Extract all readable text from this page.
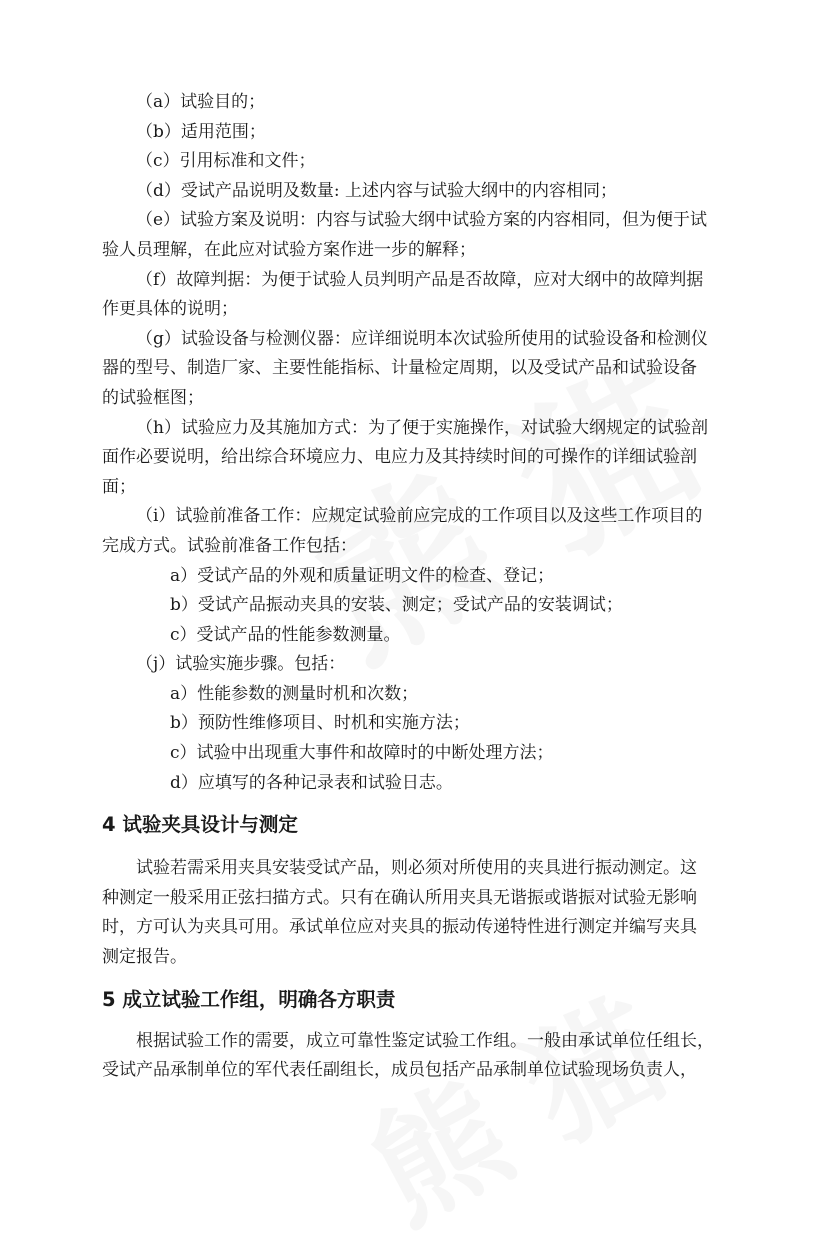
（a）试验目的；

（b）适用范围；

（c）引用标准和文件；

（d）受试产品说明及数量: 上述内容与试验大纲中的内容相同；

（e）试验方案及说明：内容与试验大纲中试验方案的内容相同，但为便于试

验人员理解，在此应对试验方案作进一步的解释；

（f）故障判据：为便于试验人员判明产品是否故障，应对大纲中的故障判据

作更具体的说明；

（g）试验设备与检测仪器：应详细说明本次试验所使用的试验设备和检测仪

器的型号、制造厂家、主要性能指标、计量检定周期，以及受试产品和试验设备

的试验框图；

（h）试验应力及其施加方式：为了便于实施操作，对试验大纲规定的试验剖

面作必要说明，给出综合环境应力、电应力及其持续时间的可操作的详细试验剖

面；

（i）试验前准备工作：应规定试验前应完成的工作项目以及这些工作项目的

完成方式。试验前准备工作包括：

a）受试产品的外观和质量证明文件的检查、登记；

b）受试产品振动夹具的安装、测定；受试产品的安装调试；

c）受试产品的性能参数测量。

（j）试验实施步骤。包括：

a）性能参数的测量时机和次数；

b）预防性维修项目、时机和实施方法；

c）试验中出现重大事件和故障时的中断处理方法；

d）应填写的各种记录表和试验日志。

4 试验夹具设计与测定

试验若需采用夹具安装受试产品，则必须对所使用的夹具进行振动测定。这

种测定一般采用正弦扫描方式。只有在确认所用夹具无谐振或谐振对试验无影响

时，方可认为夹具可用。承试单位应对夹具的振动传递特性进行测定并编写夹具

测定报告。

5 成立试验工作组，明确各方职责

根据试验工作的需要，成立可靠性鉴定试验工作组。一般由承试单位任组长，

受试产品承制单位的军代表任副组长，成员包括产品承制单位试验现场负责人，
